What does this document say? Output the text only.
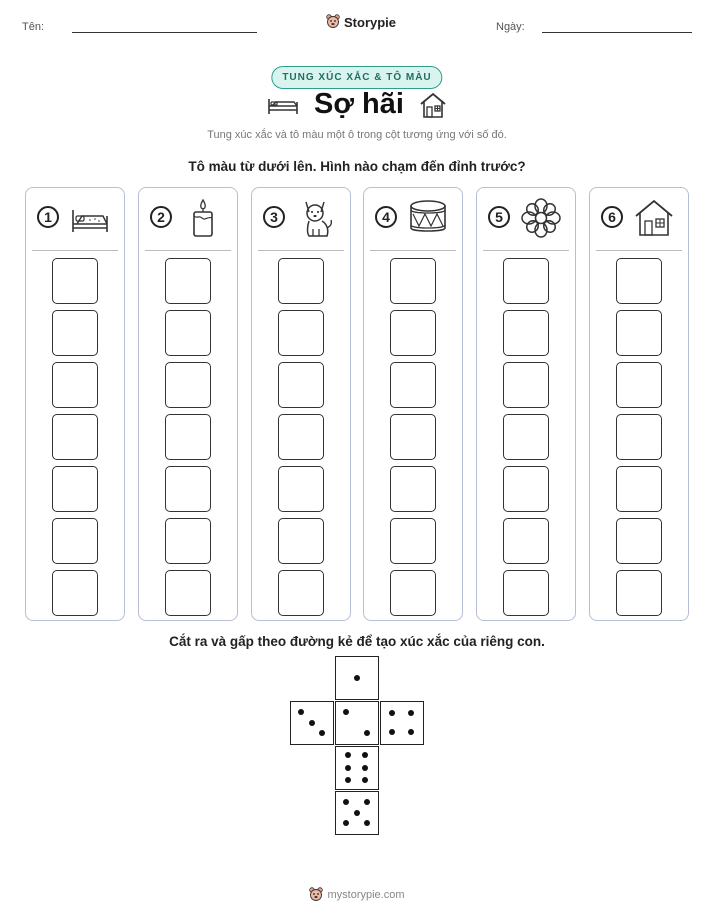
Tên:	Storypie	Ngày:
TUNG XÚC XẮC & TÔ MÀU
Sợ hãi
Tung xúc xắc và tô màu một ô trong cột tương ứng với số đó.
Tô màu từ dưới lên. Hình nào chạm đến đỉnh trước?
1	2	3	4	5	6
Cắt ra và gấp theo đường kẻ để tạo xúc xắc của riêng con.
mystorypie.com
